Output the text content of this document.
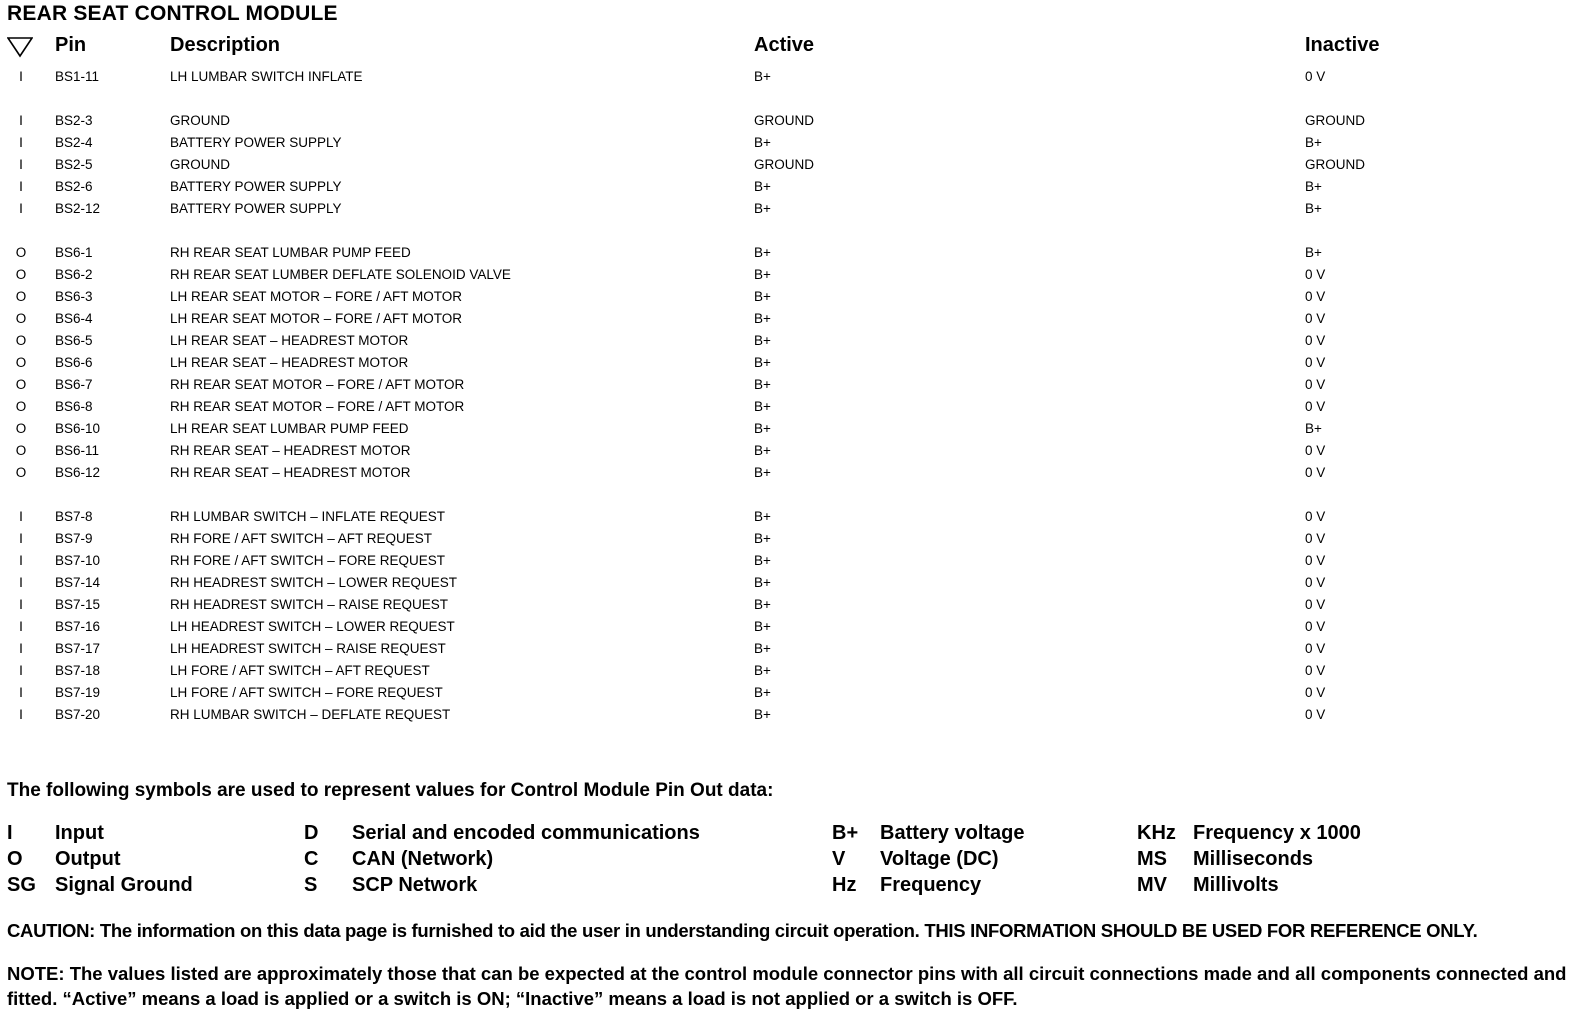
REAR SEAT CONTROL MODULE
Pin	Description	Active	Inactive
I	BS1-11	LH LUMBAR SWITCH INFLATE	B+	0 V
I	BS2-3	GROUND	GROUND	GROUND
I	BS2-4	BATTERY POWER SUPPLY	B+	B+
I	BS2-5	GROUND	GROUND	GROUND
I	BS2-6	BATTERY POWER SUPPLY	B+	B+
I	BS2-12	BATTERY POWER SUPPLY	B+	B+
O BS6-1	RH REAR SEAT LUMBAR PUMP FEED	B+	B+
O BS6-2	RH REAR SEAT LUMBER DEFLATE SOLENOID VALVE	B+	0 V
O BS6-3	LH REAR SEAT MOTOR – FORE / AFT MOTOR	B+	0 V
O BS6-4	LH REAR SEAT MOTOR – FORE / AFT MOTOR	B+	0 V
O BS6-5	LH REAR SEAT – HEADREST MOTOR	B+	0 V
O BS6-6	LH REAR SEAT – HEADREST MOTOR	B+	0 V
O BS6-7	RH REAR SEAT MOTOR – FORE / AFT MOTOR	B+	0 V
O BS6-8	RH REAR SEAT MOTOR – FORE / AFT MOTOR	B+	0 V
O BS6-10	LH REAR SEAT LUMBAR PUMP FEED	B+	B+
O BS6-11	RH REAR SEAT – HEADREST MOTOR	B+	0 V
O BS6-12	RH REAR SEAT – HEADREST MOTOR	B+	0 V
I	BS7-8	RH LUMBAR SWITCH – INFLATE REQUEST	B+	0 V
I	BS7-9	RH FORE / AFT SWITCH – AFT REQUEST	B+	0 V
I	BS7-10	RH FORE / AFT SWITCH – FORE REQUEST	B+	0 V
I	BS7-14	RH HEADREST SWITCH – LOWER REQUEST	B+	0 V
I	BS7-15	RH HEADREST SWITCH – RAISE REQUEST	B+	0 V
I	BS7-16	LH HEADREST SWITCH – LOWER REQUEST	B+	0 V
I	BS7-17	LH HEADREST SWITCH – RAISE REQUEST	B+	0 V
I	BS7-18	LH FORE / AFT SWITCH – AFT REQUEST	B+	0 V
I	BS7-19	LH FORE / AFT SWITCH – FORE REQUEST	B+	0 V
I	BS7-20	RH LUMBAR SWITCH – DEFLATE REQUEST	B+	0 V
The following symbols are used to represent values for Control Module Pin Out data:
I Input
O Output
SG Signal Ground
D Serial and encoded communications
C CAN (Network)
S SCP Network
B+ Battery voltage
V Voltage (DC)
Hz Frequency
KHz Frequency x 1000
MS Milliseconds
MV Millivolts
CAUTION: The information on this data page is furnished to aid the user in understanding circuit operation. THIS INFORMATION SHOULD BE USED FOR REFERENCE ONLY.
NOTE: The values listed are approximately those that can be expected at the control module connector pins with all circuit connections made and all components connected and fitted. “Active” means a load is applied or a switch is ON; “Inactive” means a load is not applied or a switch is OFF.
